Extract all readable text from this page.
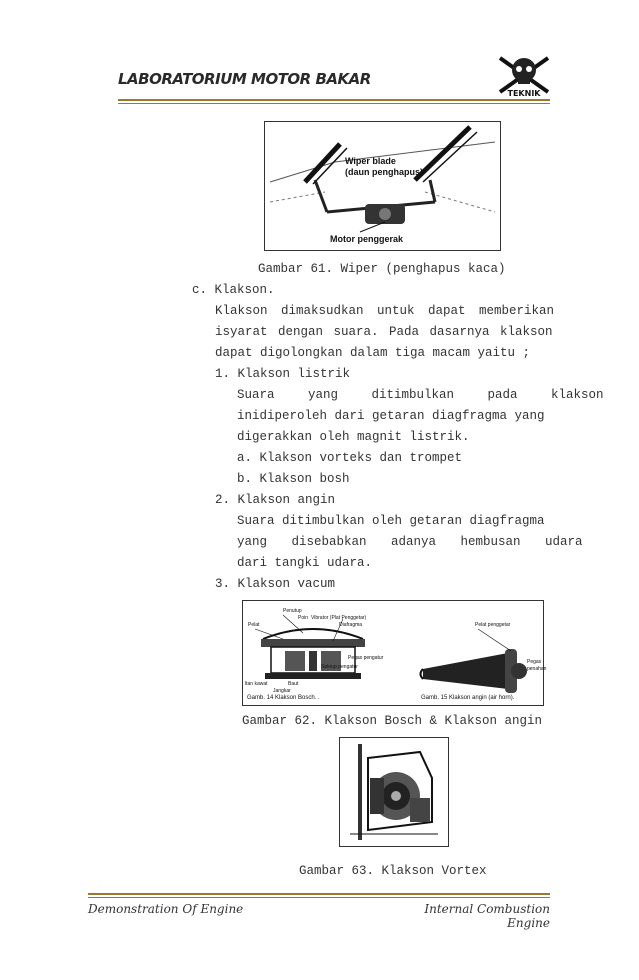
LABORATORIUM MOTOR BAKAR
TEKNIK
Wiper blade
(daun penghapus)
Motor penggerak
Gambar 61. Wiper (penghapus kaca)
c. Klakson.
Klakson dimaksudkan untuk dapat memberikan
isyarat dengan suara. Pada dasarnya klakson
dapat digolongkan dalam tiga macam yaitu ;
1. Klakson listrik
Suara yang ditimbulkan pada klakson
inidiperoleh dari getaran diagfragma yang
digerakkan oleh magnit listrik.
a. Klakson vorteks dan trompet
b. Klakson bosh
2. Klakson angin
Suara ditimbulkan oleh getaran diagfragma
yang disebabkan adanya hembusan udara
dari tangki udara.
3. Klakson vacum
Penutup
Pelat
Poin Vibrator (Plat Penggetar)
Diafragma
Pegas pengatur
Sekrup pengatur
Baut
Jangkar
ltan kawat
Gamb. 14 Klakson Bosch. .
Pelat penggetar
Pegas
penahan
Gamb. 15 Klakson angin (air horn).
Gambar 62. Klakson Bosch & Klakson angin
Gambar 63. Klakson Vortex
Demonstration Of Engine	Internal Combustion Engine
